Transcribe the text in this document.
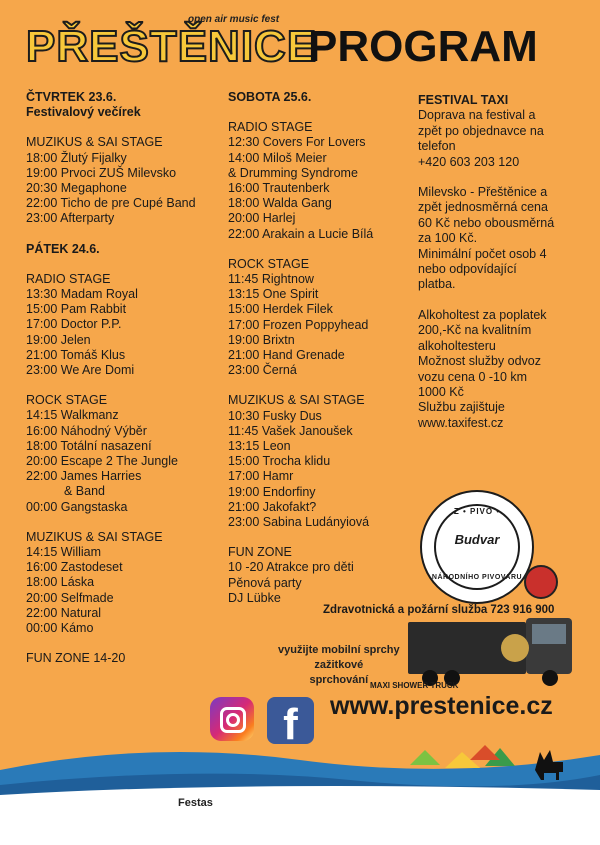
open air music fest
PŘEŠTĚNICE
PROGRAM
ČTVRTEK 23.6.
Festivalový večírek
MUZIKUS & SAI STAGE
18:00 Žlutý Fijalky
19:00 Prvoci ZUŠ Milevsko
20:30 Megaphone
22:00 Ticho de pre Cupé Band
23:00 Afterparty
PÁTEK 24.6.
RADIO STAGE
13:30 Madam Royal
15:00 Pam Rabbit
17:00 Doctor P.P.
19:00 Jelen
21:00 Tomáš Klus
23:00 We Are Domi
ROCK STAGE
14:15 Walkmanz
16:00 Náhodný Výběr
18:00 Totální nasazení
20:00 Escape 2 The Jungle
22:00 James Harries
& Band
00:00 Gangstaska
MUZIKUS & SAI STAGE
14:15 William
16:00 Zastodeset
18:00 Láska
20:00 Selfmade
22:00 Natural
00:00 Kámo
FUN ZONE 14-20
SOBOTA 25.6.
RADIO STAGE
12:30 Covers For Lovers
14:00 Miloš Meier
& Drumming Syndrome
16:00 Trautenberk
18:00 Walda Gang
20:00 Harlej
22:00 Arakain a Lucie Bílá
ROCK STAGE
11:45 Rightnow
13:15 One Spirit
15:00 Herdek Filek
17:00 Frozen Poppyhead
19:00 Brixtn
21:00 Hand Grenade
23:00 Černá
MUZIKUS & SAI STAGE
10:30 Fusky Dus
11:45 Vašek Janoušek
13:15 Leon
15:00 Trocha klidu
17:00 Hamr
19:00 Endorfiny
21:00 Jakofakt?
23:00 Sabina Ludányiová
FUN ZONE
10 -20 Atrakce pro děti
Pěnová party
DJ Lübke
FESTIVAL TAXI
Doprava na festival a
zpět po objednavce na
telefon
+420 603 203 120
Milevsko - Přeštěnice a
zpět jednosměrná cena
60 Kč nebo obousměrná
za 100 Kč.
Minimální počet osob 4
nebo odpovídající
platba.
Alkoholtest za poplatek
200,-Kč na kvalitním
alkoholtesteru
Možnost služby odvoz
vozu cena 0 -10 km
1000 Kč
Službu zajištuje
www.taxifest.cz
Z • PIVO •
Budvar
NÁRODNÍHO PIVOVARU
Zdravotnická a požární služba 723 916 900
využijte mobilní sprchy
zažitkové
sprchování MAXI SHOWER TRUCK
f	www.prestenice.cz
Festas
